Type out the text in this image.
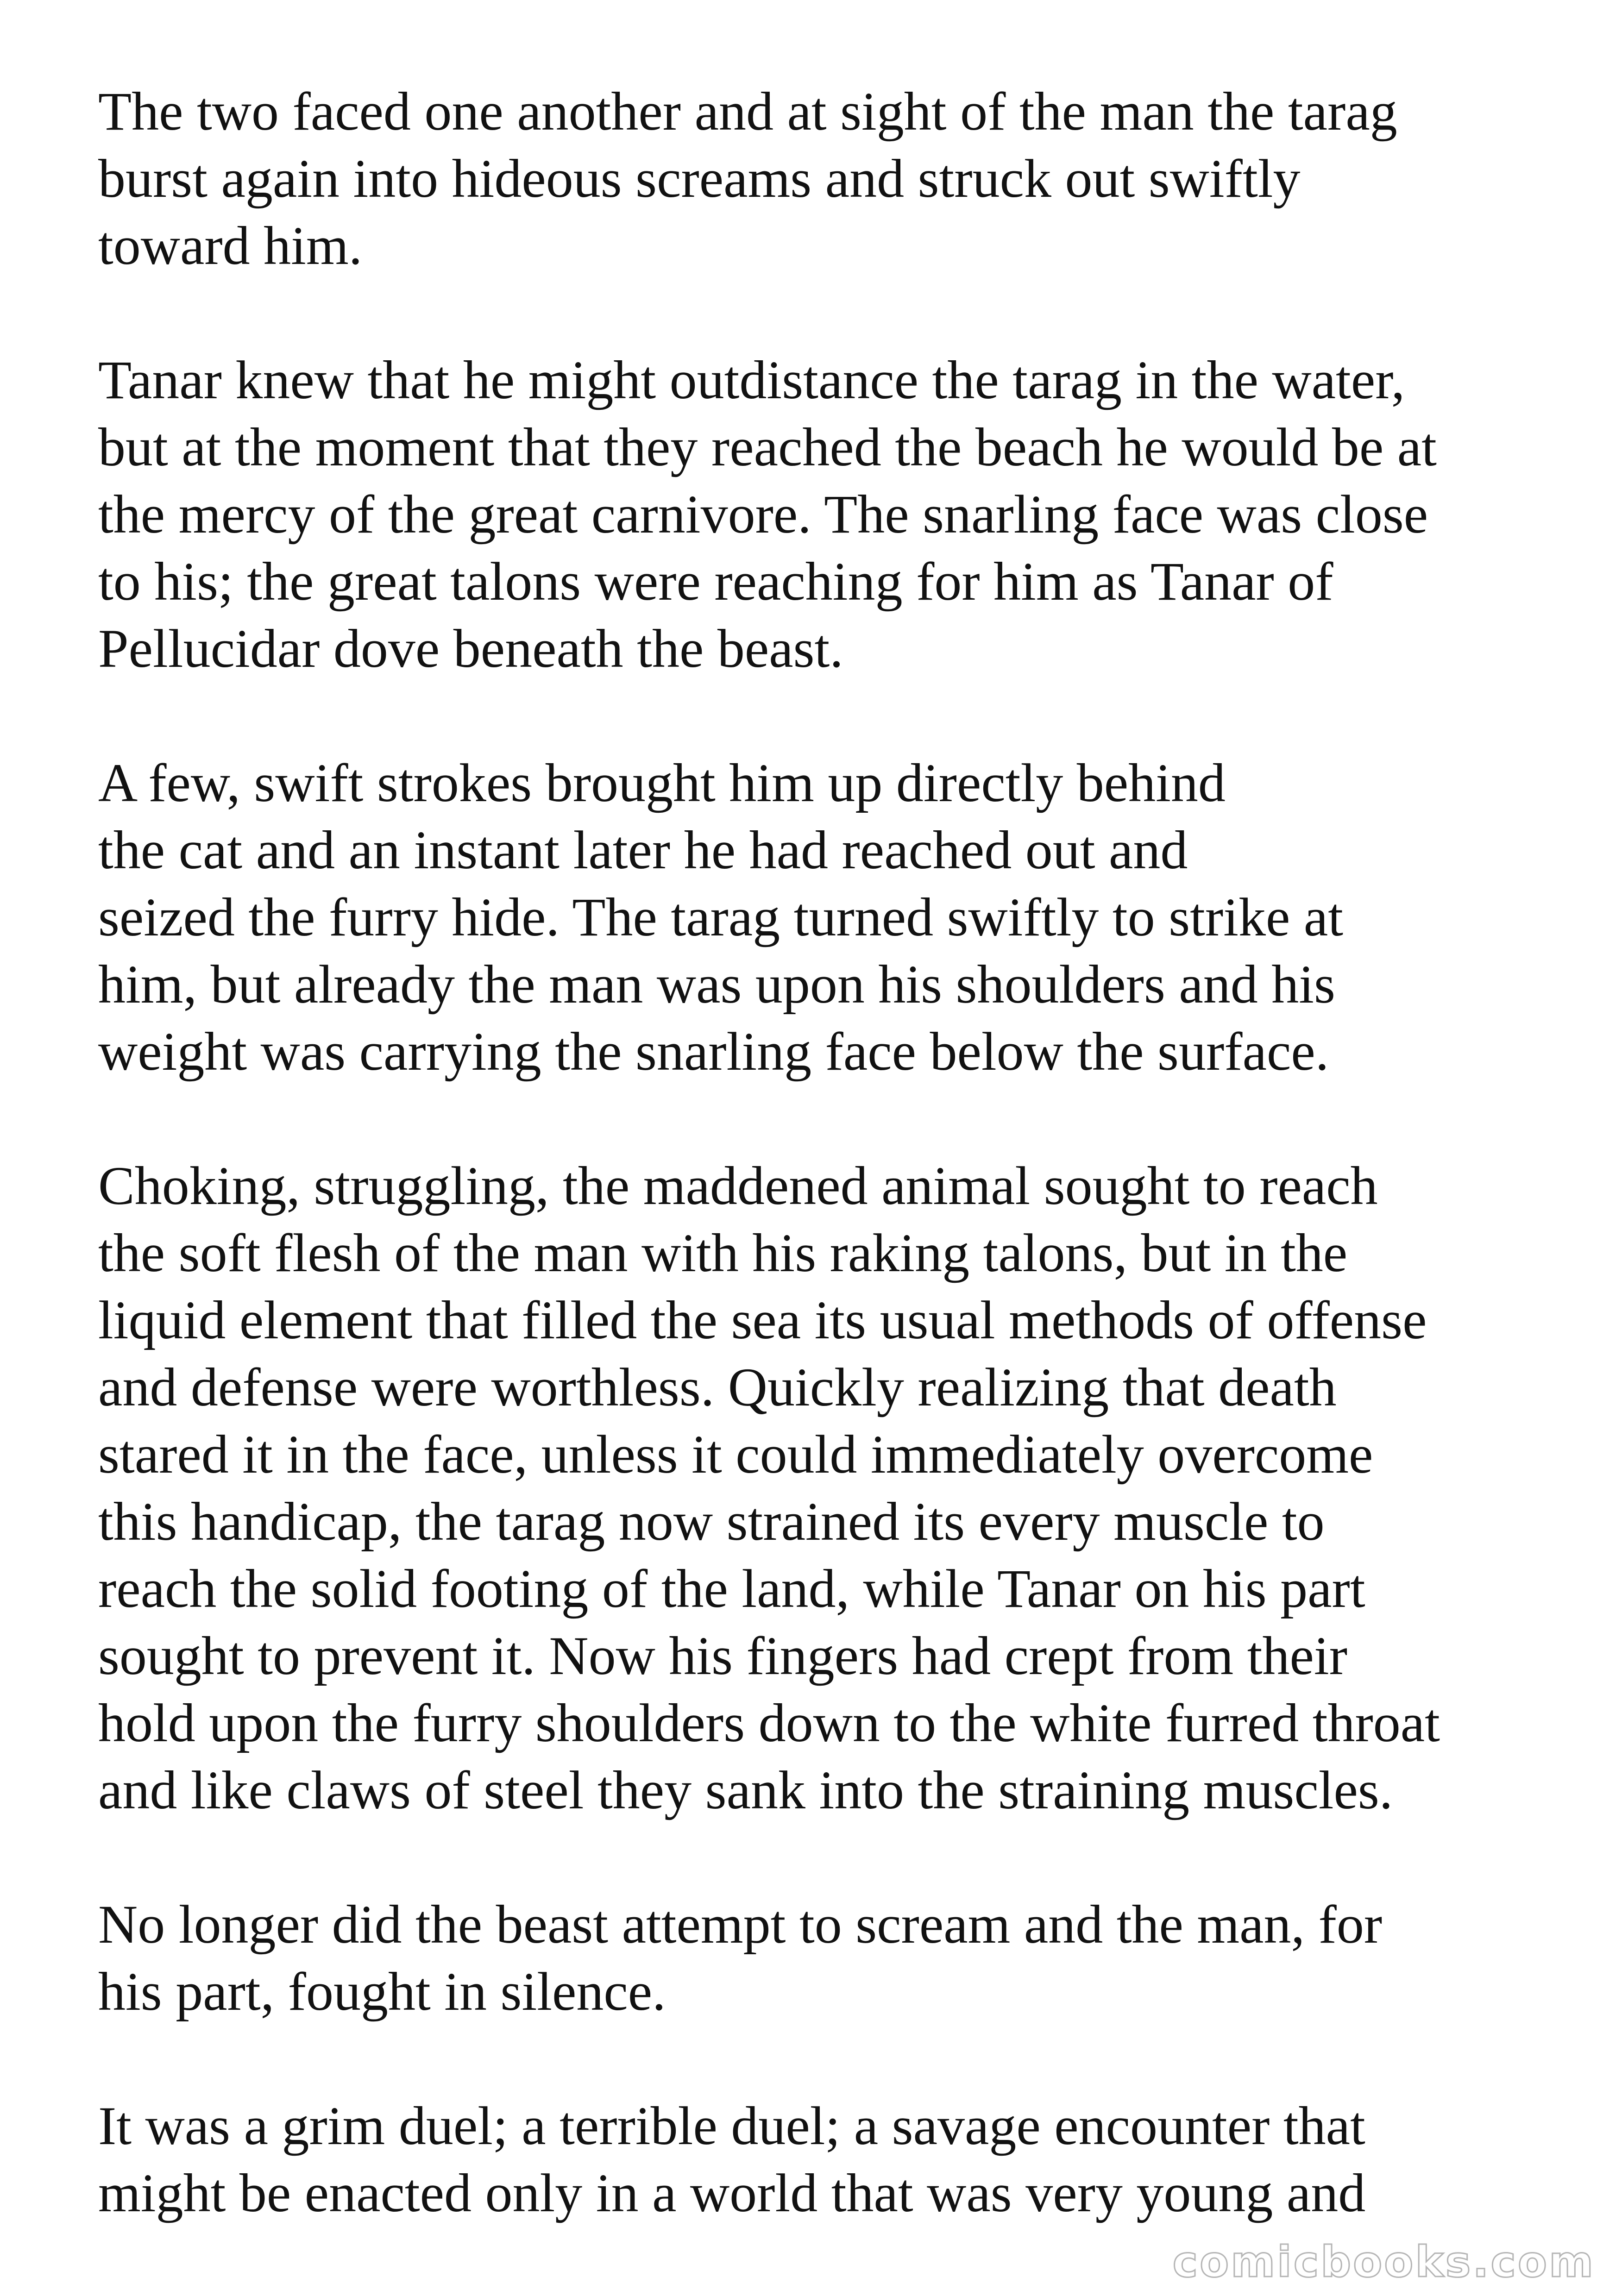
The two faced one another and at sight of the man the tarag
burst again into hideous screams and struck out swiftly
toward him.

Tanar knew that he might outdistance the tarag in the water,
but at the moment that they reached the beach he would be at
the mercy of the great carnivore. The snarling face was close
to his; the great talons were reaching for him as Tanar of
Pellucidar dove beneath the beast.

A few, swift strokes brought him up directly behind
the cat and an instant later he had reached out and
seized the furry hide. The tarag turned swiftly to strike at
him, but already the man was upon his shoulders and his
weight was carrying the snarling face below the surface.

Choking, struggling, the maddened animal sought to reach
the soft flesh of the man with his raking talons, but in the
liquid element that filled the sea its usual methods of offense
and defense were worthless. Quickly realizing that death
stared it in the face, unless it could immediately overcome
this handicap, the tarag now strained its every muscle to
reach the solid footing of the land, while Tanar on his part
sought to prevent it. Now his fingers had crept from their
hold upon the furry shoulders down to the white furred throat
and like claws of steel they sank into the straining muscles.

No longer did the beast attempt to scream and the man, for
his part, fought in silence.

It was a grim duel; a terrible duel; a savage encounter that
might be enacted only in a world that was very young and

comicbooks.com
